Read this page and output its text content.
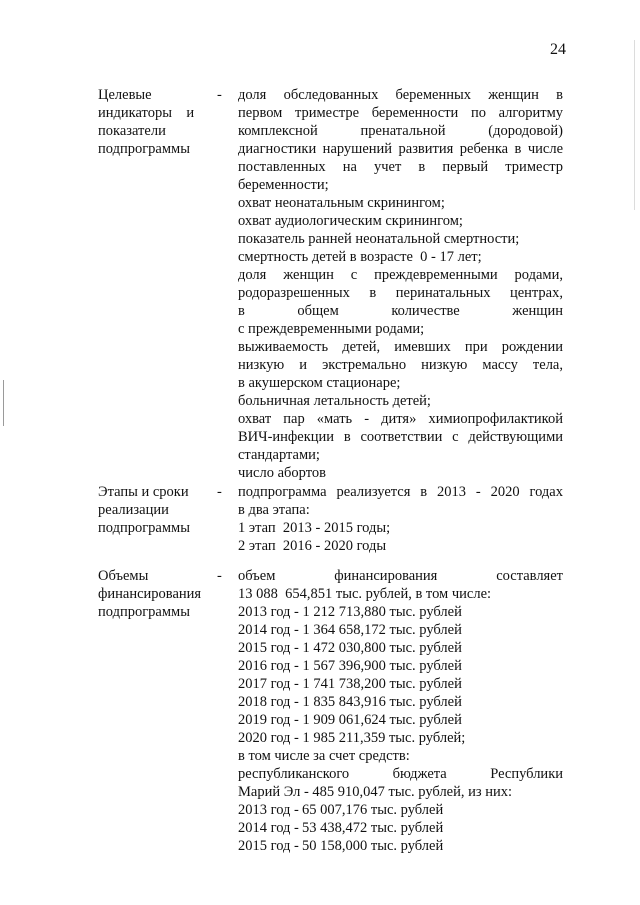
24
Целевые	-
индикаторы    и
показатели
подпрограммы
доля обследованных беременных женщин в
первом триместре беременности по алгоритму
комплексной пренатальной (дородовой)
диагностики нарушений развития ребенка в числе
поставленных на учет в первый триместр
беременности;
охват неонатальным скринингом;
охват аудиологическим скринингом;
показатель ранней неонатальной смертности;
смертность детей в возрасте  0 - 17 лет;
доля женщин с преждевременными родами,
родоразрешенных в перинатальных центрах,
в общем количестве женщин
с преждевременными родами;
выживаемость детей, имевших при рождении
низкую и экстремально низкую массу тела,
в акушерском стационаре;
больничная летальность детей;
охват пар «мать - дитя» химиопрофилактикой
ВИЧ-инфекции в соответствии с действующими
стандартами;
число абортов
Этапы и сроки -
реализации
подпрограммы
подпрограмма реализуется в 2013 - 2020 годах
в два этапа:
1 этап  2013 - 2015 годы;
2 этап  2016 - 2020 годы
Объемы	-
финансирования
подпрограммы
объем финансирования составляет
13 088  654,851 тыс. рублей, в том числе:
2013 год - 1 212 713,880 тыс. рублей
2014 год - 1 364 658,172 тыс. рублей
2015 год - 1 472 030,800 тыс. рублей
2016 год - 1 567 396,900 тыс. рублей
2017 год - 1 741 738,200 тыс. рублей
2018 год - 1 835 843,916 тыс. рублей
2019 год - 1 909 061,624 тыс. рублей
2020 год - 1 985 211,359 тыс. рублей;
в том числе за счет средств:
республиканского бюджета Республики
Марий Эл - 485 910,047 тыс. рублей, из них:
2013 год - 65 007,176 тыс. рублей
2014 год - 53 438,472 тыс. рублей
2015 год - 50 158,000 тыс. рублей
